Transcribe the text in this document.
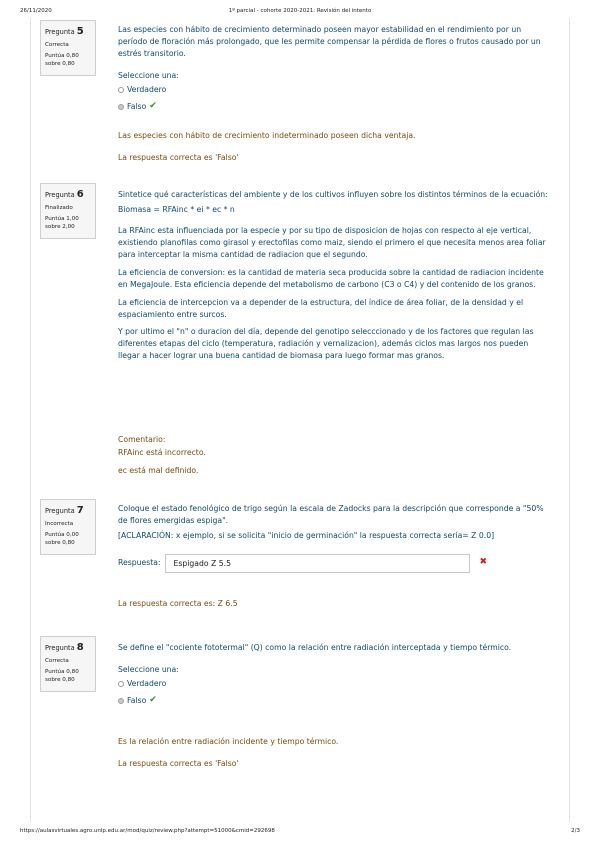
26/11/2020	1º parcial - cohorte 2020-2021: Revisión del intento
Pregunta 5
Correcta
Puntúa 0,80
sobre 0,80

Las especies con hábito de crecimiento determinado poseen mayor estabilidad en el rendimiento por un período de floración más prolongado, que les permite compensar la pérdida de flores o frutos causado por un estrés transitorio.

Seleccione una:
Verdadero
Falso ✔

Las especies con hábito de crecimiento indeterminado poseen dicha ventaja.

La respuesta correcta es 'Falso'

Pregunta 6
Finalizado
Puntúa 1,00
sobre 2,00

Sintetice qué características del ambiente y de los cultivos influyen sobre los distintos términos de la ecuación:

Biomasa = RFAinc * ei * ec * n

La RFAinc esta influenciada por la especie y por su tipo de disposicion de hojas con respecto al eje vertical, existiendo planofilas como girasol y erectofilas como maiz, siendo el primero el que necesita menos area foliar para interceptar la misma cantidad de radiacion que el segundo.

La eficiencia de conversion: es la cantidad de materia seca producida sobre la cantidad de radiacion incidente en MegaJoule. Esta eficiencia depende del metabolismo de carbono (C3 o C4) y del contenido de los granos.

La eficiencia de intercepcion va a depender de la estructura, del índice de área foliar, de la densidad y el espaciamiento entre surcos.

Y por ultimo el "n" o duracion del día, depende del genotipo selecccionado y de los factores que regulan las diferentes etapas del ciclo (temperatura, radiación y vernalizacion), además ciclos mas largos nos pueden llegar a hacer lograr una buena cantidad de biomasa para luego formar mas granos.

Comentario:
RFAinc está incorrecto.
ec está mal definido.
Pregunta 7
Incorrecta
Puntúa 0,00
sobre 0,80

Coloque el estado fenológico de trigo según la escala de Zadocks para la descripción que corresponde a "50% de flores emergidas espiga".

[ACLARACIÓN: x ejemplo, si se solicita "inicio de germinación" la respuesta correcta sería= Z 0.0]

Respuesta:	Espigado Z 5.5	✖

La respuesta correcta es: Z 6.5

Pregunta 8
Correcta
Puntúa 0,80
sobre 0,80

Se define el "cociente fototermal" (Q) como la relación entre radiación interceptada y tiempo térmico.

Seleccione una:
Verdadero
Falso ✔

Es la relación entre radiación incidente y tiempo térmico.

La respuesta correcta es 'Falso'

https://aulasvirtuales.agro.unlp.edu.ar/mod/quiz/review.php?attempt=51000&cmid=292698	2/3
